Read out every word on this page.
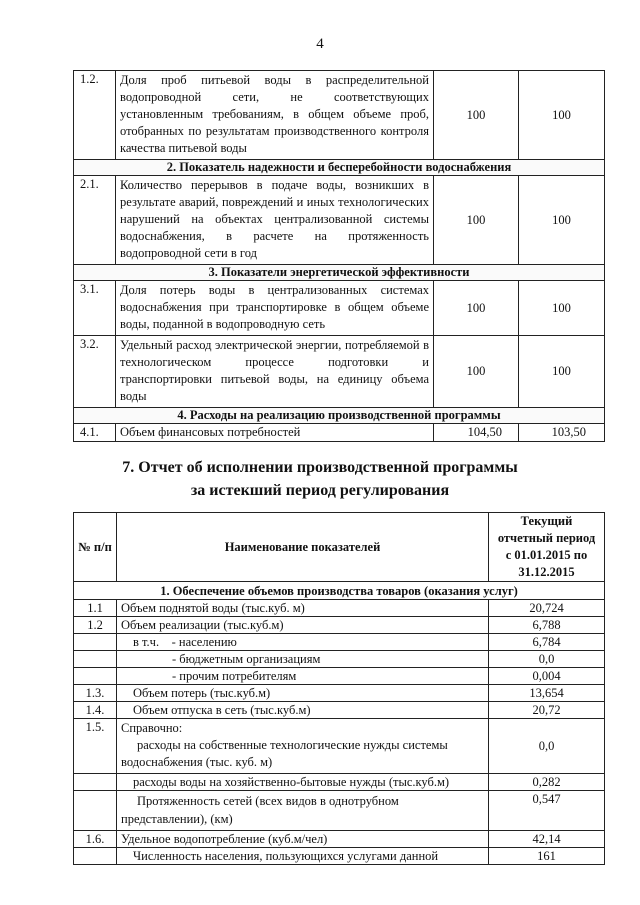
4
1.2.	Доля проб питьевой воды в распределительной водопроводной сети, не соответствующих установленным требованиям, в общем объеме проб, отобранных по результатам производственного контроля качества питьевой воды	100	100
2. Показатель надежности и бесперебойности водоснабжения			
2.1.	Количество перерывов в подаче воды, возникших в результате аварий, повреждений и иных технологических нарушений на объектах централизованной системы водоснабжения, в расчете на протяженность водопроводной сети в год	100	100
3. Показатели энергетической эффективности			
3.1.	Доля потерь воды в централизованных системах водоснабжения при транспортировке в общем объеме воды, поданной в водопроводную сеть	100	100
3.2.	Удельный расход электрической энергии, потребляемой в технологическом процессе подготовки и транспортировки питьевой воды, на единицу объема воды	100	100
4. Расходы на реализацию производственной программы			
4.1.	Объем финансовых потребностей	104,50	103,50
7. Отчет об исполнении производственной программы
за истекший период регулирования
№ п/п	Наименование показателей	Текущий
отчетный период
с 01.01.2015 по
31.12.2015

1. Обеспечение объемов производства товаров (оказания услуг)		
1.1	Объем поднятой воды (тыс.куб. м)	20,724
1.2	Объем реализации (тыс.куб.м)	6,788
	в т.ч.    - населению	6,784
	- бюджетным организациям	0,0
	- прочим потребителям	0,004
1.3.	Объем потерь (тыс.куб.м)	13,654
1.4.	Объем отпуска в сеть (тыс.куб.м)	20,72
1.5.	Справочно:
расходы на собственные технологические нужды системы
водоснабжения (тыс. куб. м)	0,0
	расходы воды на хозяйственно-бытовые нужды (тыс.куб.м)	0,282

	Протяженность сетей (всех видов в однотрубном
представлении), (км)	0,547
1.6.	Удельное водопотребление (куб.м/чел)	42,14
	Численность населения, пользующихся услугами данной	161
